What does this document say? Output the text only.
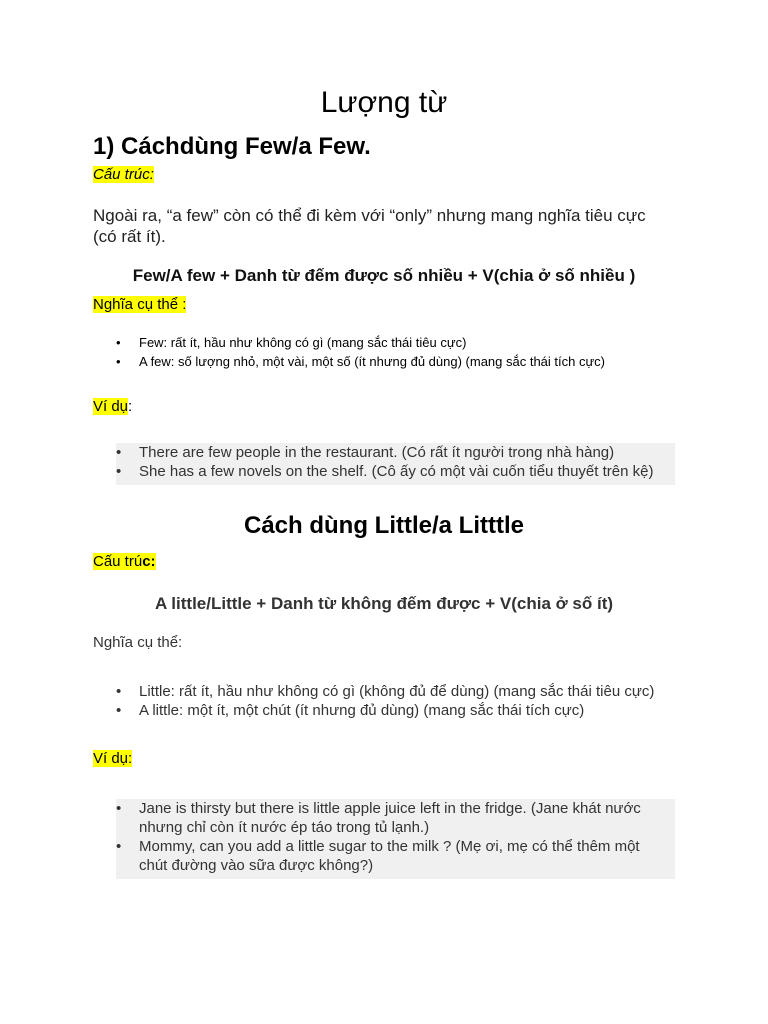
Lượng từ
1) Cáchdùng Few/a Few.
Cấu trúc:

Ngoài ra, “a few” còn có thể đi kèm với “only” nhưng mang nghĩa tiêu cực (có rất ít).

Few/A few + Danh từ đếm được số nhiều + V(chia ở số nhiều )

Nghĩa cụ thể :
• Few: rất ít, hầu như không có gì (mang sắc thái tiêu cực)
• A few: số lượng nhỏ, một vài, một số (ít nhưng đủ dùng) (mang sắc thái tích cực)
Ví dụ:
• There are few people in the restaurant. (Có rất ít người trong nhà hàng)
• She has a few novels on the shelf. (Cô ấy có một vài cuốn tiểu thuyết trên kệ)
Cách dùng Little/a Litttle
Cấu trúc:

A little/Little + Danh từ không đếm được + V(chia ở số ít)

Nghĩa cụ thể:
• Little: rất ít, hầu như không có gì (không đủ để dùng) (mang sắc thái tiêu cực)
• A little: một ít, một chút (ít nhưng đủ dùng) (mang sắc thái tích cực)
Ví dụ:
• Jane is thirsty but there is little apple juice left in the fridge. (Jane khát nước nhưng chỉ còn ít nước ép táo trong tủ lạnh.)
• Mommy, can you add a little sugar to the milk ? (Mẹ ơi, mẹ có thể thêm một chút đường vào sữa được không?)
